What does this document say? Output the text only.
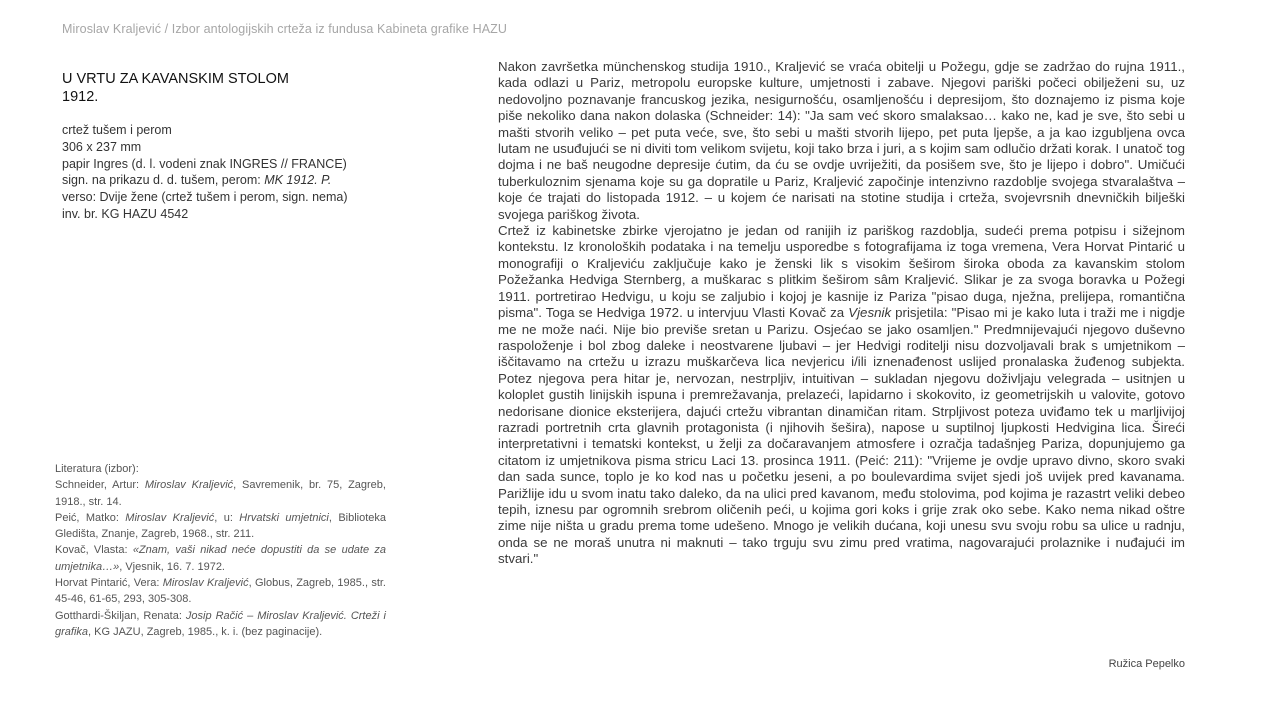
Miroslav Kraljević / Izbor antologijskih crteža iz fundusa Kabineta grafike HAZU
U VRTU ZA KAVANSKIM STOLOM
1912.
crtež tušem i perom
306 x 237 mm
papir Ingres (d. l. vodeni znak INGRES // FRANCE)
sign. na prikazu d. d. tušem, perom: MK 1912. P.
verso: Dvije žene (crtež tušem i perom, sign. nema)
inv. br. KG HAZU 4542

Literatura (izbor):

Schneider, Artur: Miroslav Kraljević, Savremenik, br. 75, Zagreb, 1918., str. 14.

Peić, Matko: Miroslav Kraljević, u: Hrvatski umjetnici, Biblioteka Gledišta, Znanje, Zagreb, 1968., str. 211.

Kovač, Vlasta: «Znam, vaši nikad neće dopustiti da se udate za umjetnika…», Vjesnik, 16. 7. 1972.

Horvat Pintarić, Vera: Miroslav Kraljević, Globus, Zagreb, 1985., str. 45-46, 61-65, 293, 305-308.

Gotthardi-Škiljan, Renata: Josip Račić – Miroslav Kraljević. Crteži i grafika, KG JAZU, Zagreb, 1985., k. i. (bez paginacije).

Nakon završetka münchenskog studija 1910., Kraljević se vraća obitelji u Požegu, gdje se zadržao do rujna 1911., kada odlazi u Pariz, metropolu europske kulture, umjetnosti i zabave. Njegovi pariški počeci obilježeni su, uz nedovoljno poznavanje francuskog jezika, nesigurnošću, osamljenošću i depresijom, što doznajemo iz pisma koje piše nekoliko dana nakon dolaska (Schneider: 14): "Ja sam već skoro smalaksao… kako ne, kad je sve, što sebi u mašti stvorih veliko – pet puta veće, sve, što sebi u mašti stvorih lijepo, pet puta ljepše, a ja kao izgubljena ovca lutam ne usuđujući se ni diviti tom velikom svijetu, koji tako brza i juri, a s kojim sam odlučio držati korak. I unatoč tog dojma i ne baš neugodne depresije ćutim, da ću se ovdje uvriježiti, da posišem sve, što je lijepo i dobro". Umičući tuberkuloznim sjenama koje su ga dopratile u Pariz, Kraljević započinje intenzivno razdoblje svojega stvaralaštva – koje će trajati do listopada 1912. – u kojem će narisati na stotine studija i crteža, svojevrsnih dnevničkih bilješki svojega pariškog života.

Crtež iz kabinetske zbirke vjerojatno je jedan od ranijih iz pariškog razdoblja, sudeći prema potpisu i sižejnom kontekstu. Iz kronoloških podataka i na temelju usporedbe s fotografijama iz toga vremena, Vera Horvat Pintarić u monografiji o Kraljeviću zaključuje kako je ženski lik s visokim šeširom široka oboda za kavanskim stolom Požežanka Hedviga Sternberg, a muškarac s plitkim šeširom sâm Kraljević. Slikar je za svoga boravka u Požegi 1911. portretirao Hedvigu, u koju se zaljubio i kojoj je kasnije iz Pariza "pisao duga, nježna, prelijepa, romantična pisma". Toga se Hedviga 1972. u intervjuu Vlasti Kovač za Vjesnik prisjetila: "Pisao mi je kako luta i traži me i nigdje me ne može naći. Nije bio previše sretan u Parizu. Osjećao se jako osamljen." Predmnijevajući njegovo duševno raspoloženje i bol zbog daleke i neostvarene ljubavi – jer Hedvigi roditelji nisu dozvoljavali brak s umjetnikom – iščitavamo na crtežu u izrazu muškarčeva lica nevjericu i/ili iznenađenost uslijed pronalaska žuđenog subjekta. Potez njegova pera hitar je, nervozan, nestrpljiv, intuitivan – sukladan njegovu doživljaju velegrada – usitnjen u koloplet gustih linijskih ispuna i premrežavanja, prelazeći, lapidarno i skokovito, iz geometrijskih u valovite, gotovo nedorisane dionice eksterijera, dajući crtežu vibrantan dinamičan ritam. Strpljivost poteza uviđamo tek u marljivijoj razradi portretnih crta glavnih protagonista (i njihovih šešira), napose u suptilnoj ljupkosti Hedvigina lica. Šireći interpretativni i tematski kontekst, u želji za dočaravanjem atmosfere i ozračja tadašnjeg Pariza, dopunjujemo ga citatom iz umjetnikova pisma stricu Laci 13. prosinca 1911. (Peić: 211): "Vrijeme je ovdje upravo divno, skoro svaki dan sada sunce, toplo je ko kod nas u početku jeseni, a po boulevardima svijet sjedi još uvijek pred kavanama. Parižlije idu u svom inatu tako daleko, da na ulici pred kavanom, među stolovima, pod kojima je razastrt veliki debeo tepih, iznesu par ogromnih srebrom oličenih peći, u kojima gori koks i grije zrak oko sebe. Kako nema nikad oštre zime nije ništa u gradu prema tome udešeno. Mnogo je velikih dućana, koji unesu svu svoju robu sa ulice u radnju, onda se ne moraš unutra ni maknuti – tako trguju svu zimu pred vratima, nagovarajući prolaznike i nuđajući im stvari."

Ružica Pepelko
